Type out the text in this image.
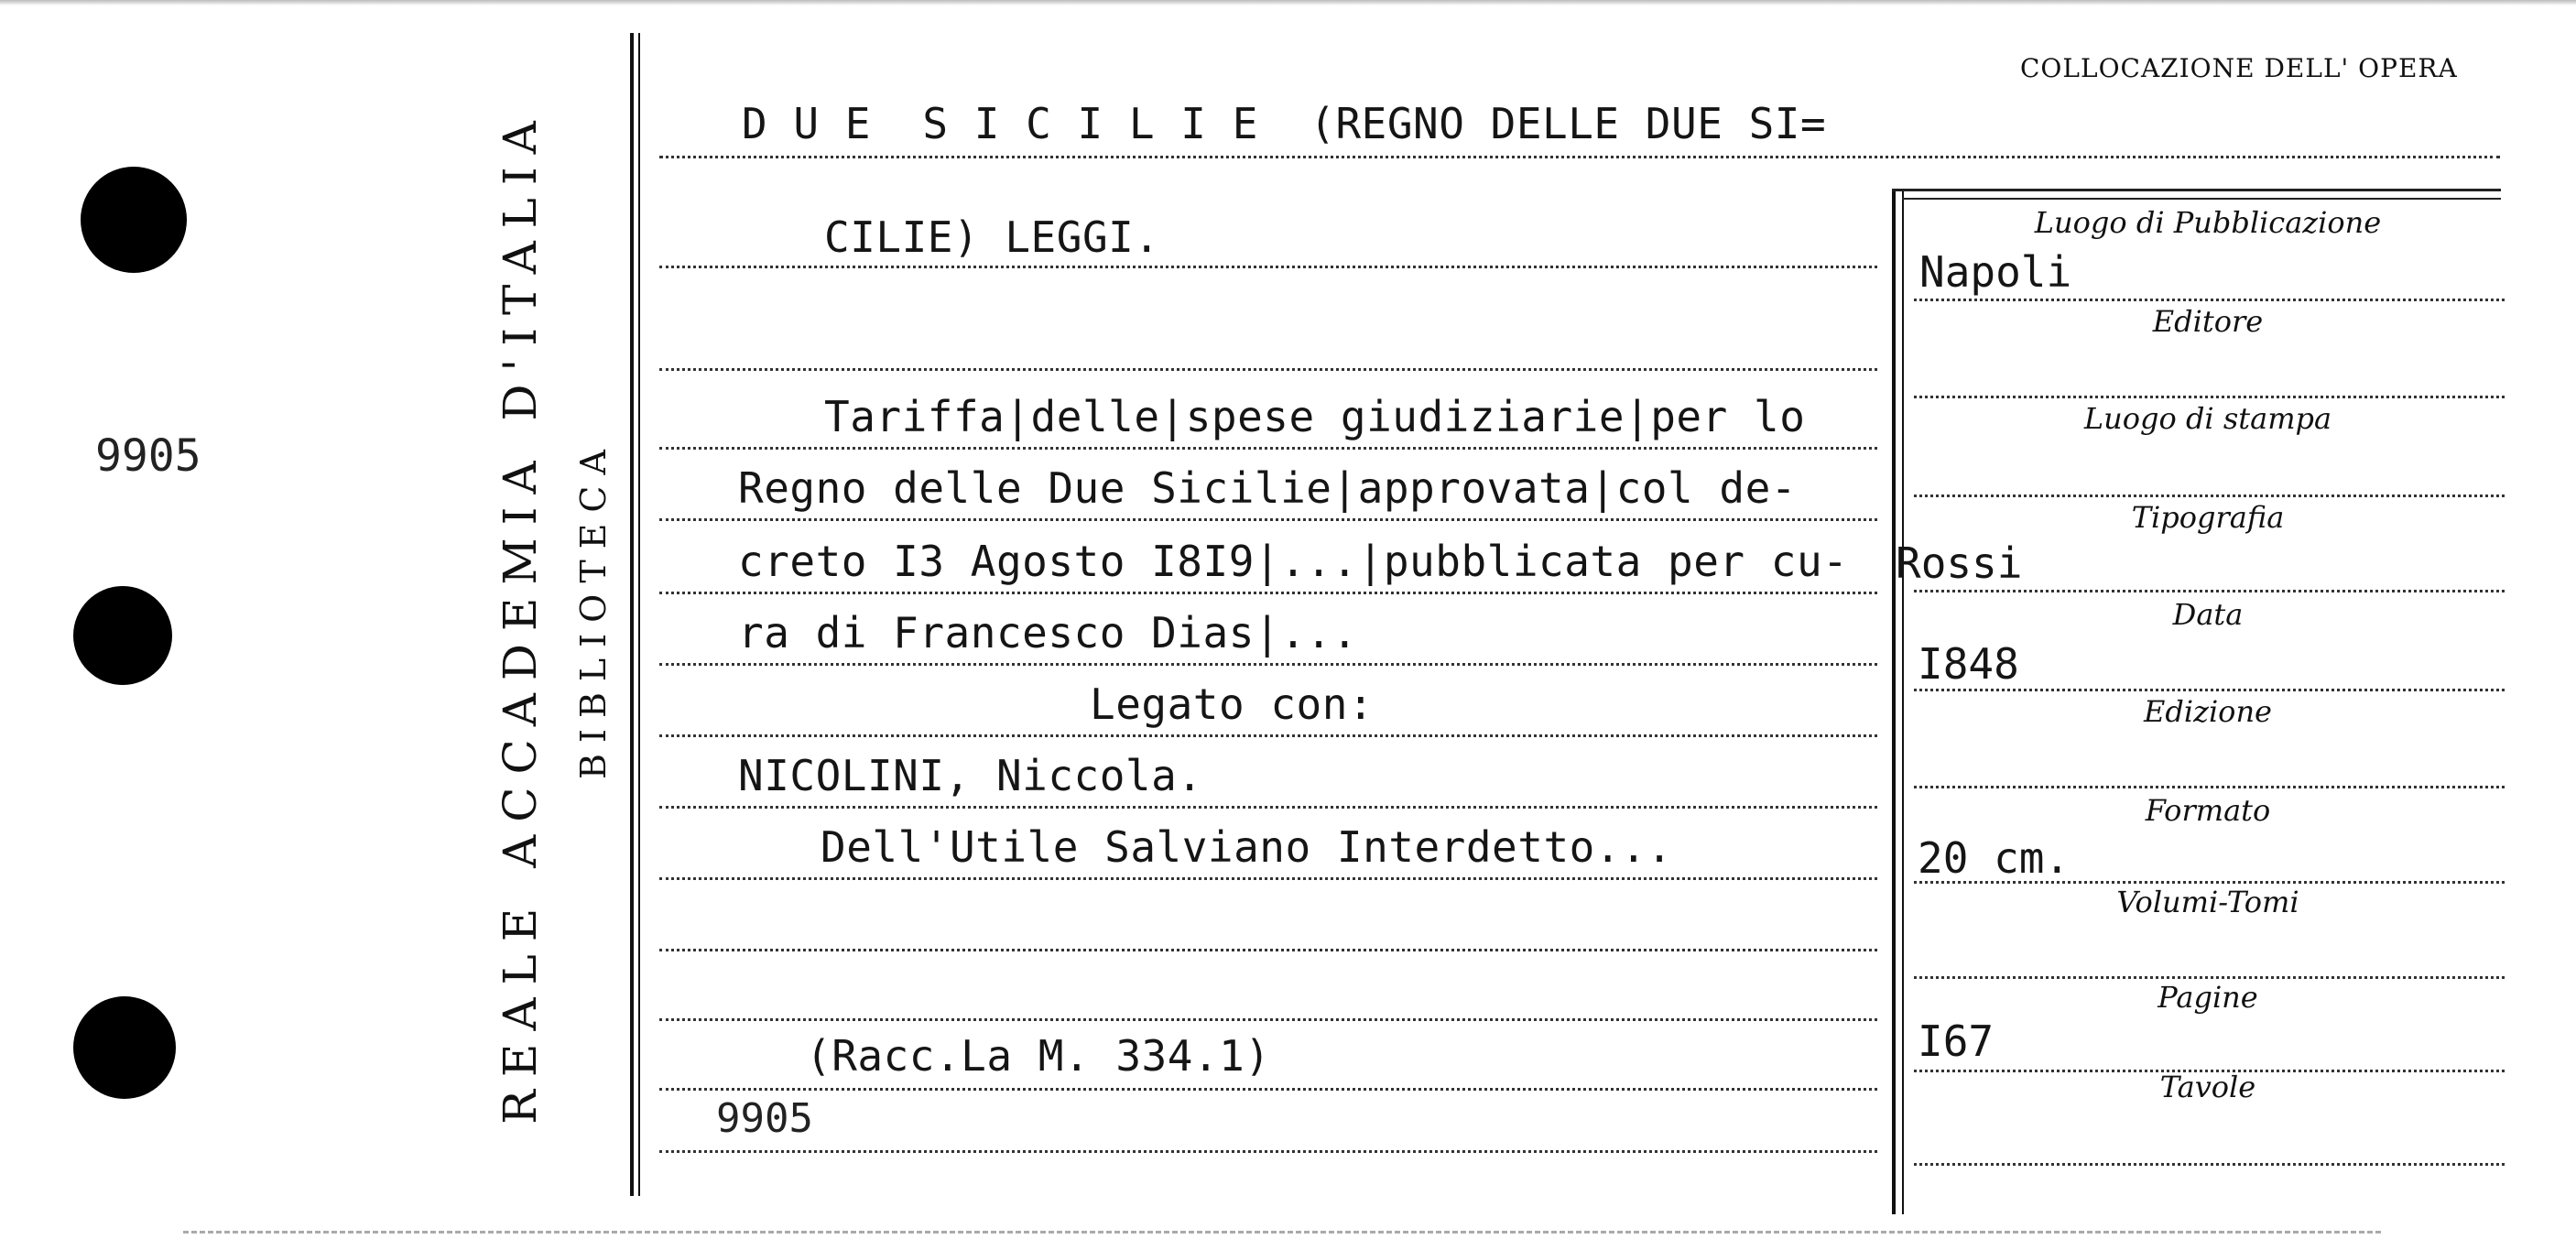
9905	REALE ACCADEMIA D'ITALIA BIBLIOTECA
COLLOCAZIONE DELL' OPERA
D U E  S I C I L I E  (REGNO DELLE DUE SI=
CILIE) LEGGI.
Tariffa|delle|spese giudiziarie|per lo
Regno delle Due Sicilie|approvata|col de-
creto I3 Agosto I8I9|...|pubblicata per cu-
ra di Francesco Dias|...
Legato con:
NICOLINI, Niccola.
Dell'Utile Salviano Interdetto...
(Racc.La M. 334.1)
9905
Luogo di Pubblicazione
Napoli
Editore
Luogo di stampa
Tipografia
Rossi
Data
I848
Edizione
Formato
20 cm.
Volumi-Tomi
Pagine
I67
Tavole
